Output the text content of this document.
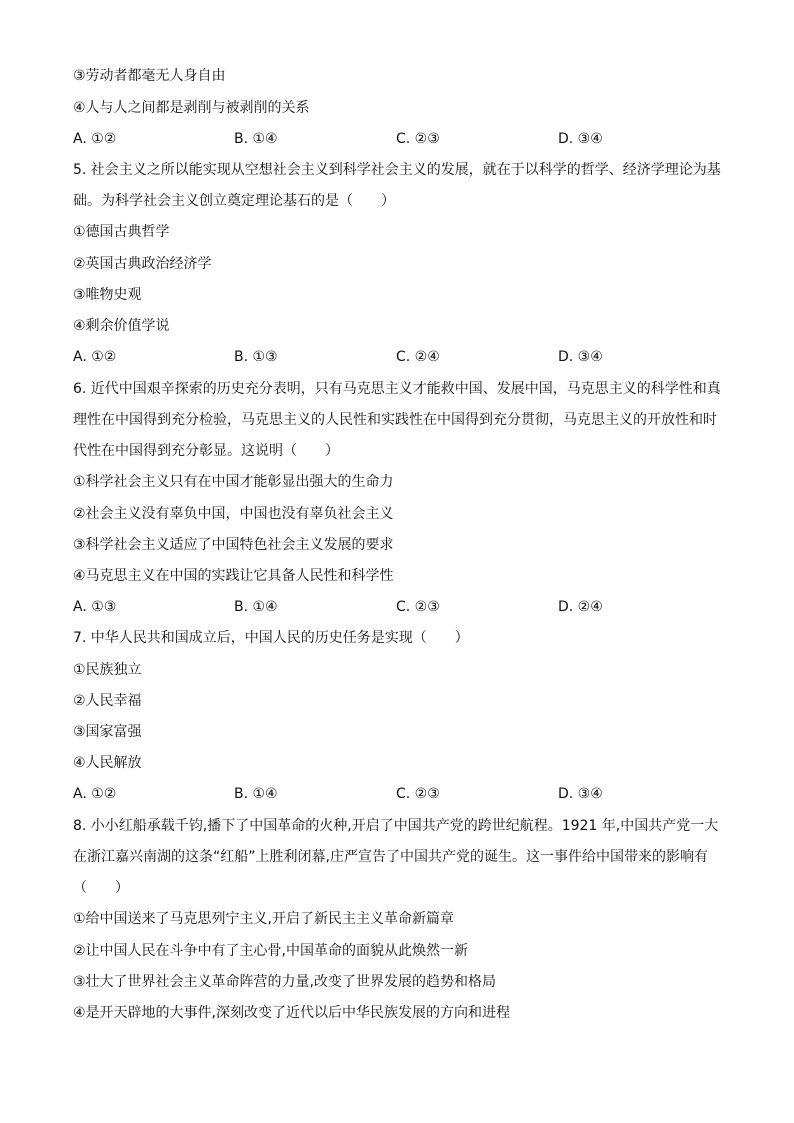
③劳动者都毫无人身自由
④人与人之间都是剥削与被剥削的关系
A. ①②	B. ①④	C. ②③	D. ③④
5. 社会主义之所以能实现从空想社会主义到科学社会主义的发展，就在于以科学的哲学、经济学理论为基
础。为科学社会主义创立奠定理论基石的是（　　）
①德国古典哲学
②英国古典政治经济学
③唯物史观
④剩余价值学说
A. ①②	B. ①③	C. ②④	D. ③④
6. 近代中国艰辛探索的历史充分表明，只有马克思主义才能救中国、发展中国，马克思主义的科学性和真
理性在中国得到充分检验，马克思主义的人民性和实践性在中国得到充分贯彻，马克思主义的开放性和时
代性在中国得到充分彰显。这说明（　　）
①科学社会主义只有在中国才能彰显出强大的生命力
②社会主义没有辜负中国，中国也没有辜负社会主义
③科学社会主义适应了中国特色社会主义发展的要求
④马克思主义在中国的实践让它具备人民性和科学性
A. ①③	B. ①④	C. ②③	D. ②④
7. 中华人民共和国成立后，中国人民的历史任务是实现（　　）
①民族独立
②人民幸福
③国家富强
④人民解放
A. ①②	B. ①④	C. ②③	D. ③④
8. 小小红船承载千钧,播下了中国革命的火种,开启了中国共产党的跨世纪航程。1921 年,中国共产党一大
在浙江嘉兴南湖的这条“红船”上胜利闭幕,庄严宣告了中国共产党的诞生。这一事件给中国带来的影响有
（　　）
①给中国送来了马克思列宁主义,开启了新民主主义革命新篇章
②让中国人民在斗争中有了主心骨,中国革命的面貌从此焕然一新
③壮大了世界社会主义革命阵营的力量,改变了世界发展的趋势和格局
④是开天辟地的大事件,深刻改变了近代以后中华民族发展的方向和进程
